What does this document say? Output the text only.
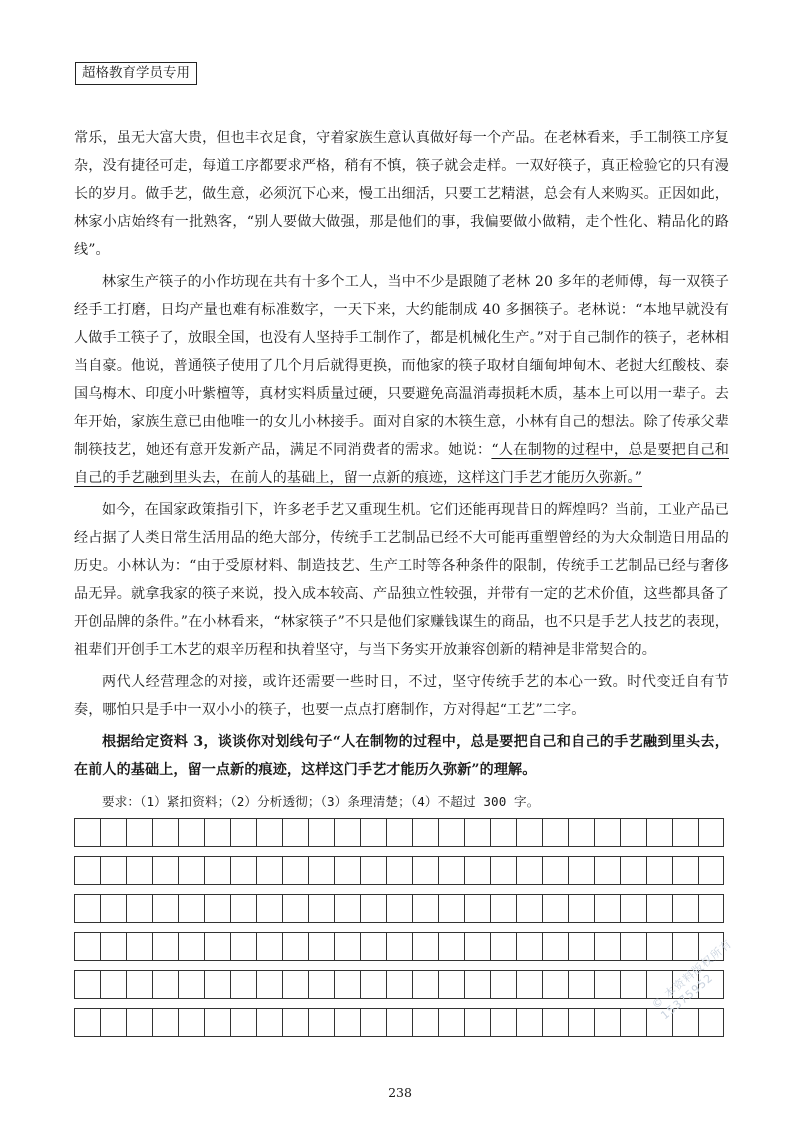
超格教育学员专用

常乐，虽无大富大贵，但也丰衣足食，守着家族生意认真做好每一个产品。在老林看来，手工制筷工序复杂，没有捷径可走，每道工序都要求严格，稍有不慎，筷子就会走样。一双好筷子，真正检验它的只有漫长的岁月。做手艺，做生意，必须沉下心来，慢工出细活，只要工艺精湛，总会有人来购买。正因如此，林家小店始终有一批熟客，“别人要做大做强，那是他们的事，我偏要做小做精，走个性化、精品化的路线”。

林家生产筷子的小作坊现在共有十多个工人，当中不少是跟随了老林 20 多年的老师傅，每一双筷子经手工打磨，日均产量也难有标准数字，一天下来，大约能制成 40 多捆筷子。老林说：“本地早就没有人做手工筷子了，放眼全国，也没有人坚持手工制作了，都是机械化生产。”对于自己制作的筷子，老林相当自豪。他说，普通筷子使用了几个月后就得更换，而他家的筷子取材自缅甸坤甸木、老挝大红酸枝、泰国乌梅木、印度小叶紫檀等，真材实料质量过硬，只要避免高温消毒损耗木质，基本上可以用一辈子。去年开始，家族生意已由他唯一的女儿小林接手。面对自家的木筷生意，小林有自己的想法。除了传承父辈制筷技艺，她还有意开发新产品，满足不同消费者的需求。她说：“人在制物的过程中，总是要把自己和自己的手艺融到里头去，在前人的基础上，留一点新的痕迹，这样这门手艺才能历久弥新。”

如今，在国家政策指引下，许多老手艺又重现生机。它们还能再现昔日的辉煌吗？当前，工业产品已经占据了人类日常生活用品的绝大部分，传统手工艺制品已经不大可能再重塑曾经的为大众制造日用品的历史。小林认为：“由于受原材料、制造技艺、生产工时等各种条件的限制，传统手工艺制品已经与奢侈品无异。就拿我家的筷子来说，投入成本较高、产品独立性较强，并带有一定的艺术价值，这些都具备了开创品牌的条件。”在小林看来，“林家筷子”不只是他们家赚钱谋生的商品，也不只是手艺人技艺的表现，祖辈们开创手工木艺的艰辛历程和执着坚守，与当下务实开放兼容创新的精神是非常契合的。

两代人经营理念的对接，或许还需要一些时日，不过，坚守传统手艺的本心一致。时代变迁自有节奏，哪怕只是手中一双小小的筷子，也要一点点打磨制作，方对得起“工艺”二字。

根据给定资料 3，谈谈你对划线句子“人在制物的过程中，总是要把自己和自己的手艺融到里头去，在前人的基础上，留一点新的痕迹，这样这门手艺才能历久弥新”的理解。

要求：（1）紧扣资料；（2）分析透彻；（3）条理清楚；（4）不超过 300 字。

238
© 本资料版权所有 15375952
